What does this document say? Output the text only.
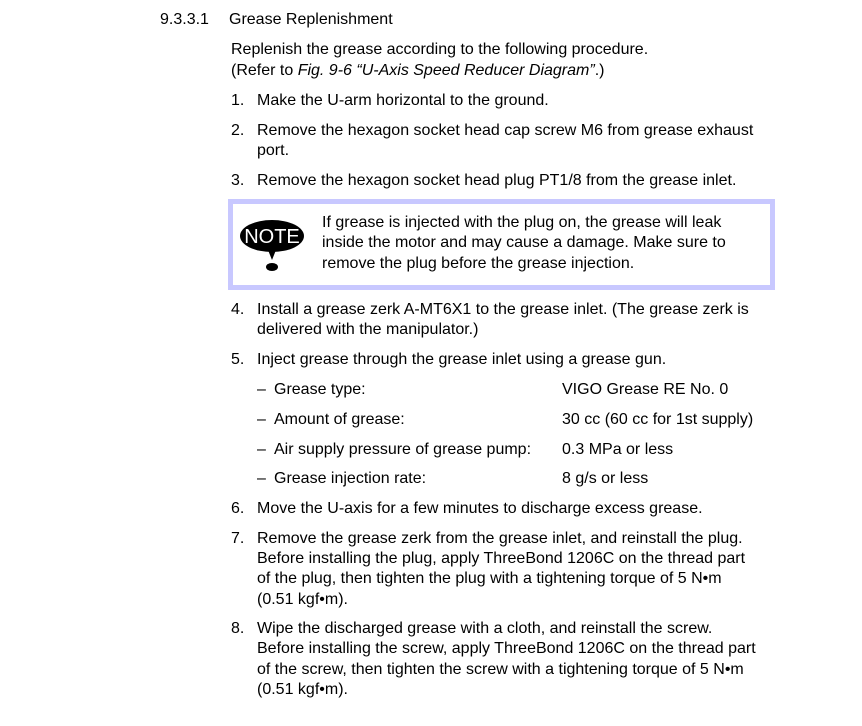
9.3.3.1 Grease Replenishment
Replenish the grease according to the following procedure.
(Refer to Fig. 9-6 “U-Axis Speed Reducer Diagram”.)
1. Make the U-arm horizontal to the ground.
2. Remove the hexagon socket head cap screw M6 from grease exhaust
port.
3. Remove the hexagon socket head plug PT1/8 from the grease inlet.
NOTE
If grease is injected with the plug on, the grease will leak
inside the motor and may cause a damage. Make sure to
remove the plug before the grease injection.
4. Install a grease zerk A-MT6X1 to the grease inlet. (The grease zerk is
delivered with the manipulator.)
5. Inject grease through the grease inlet using a grease gun.
– Grease type:	VIGO Grease RE No. 0
– Amount of grease:	30 cc (60 cc for 1st supply)
– Air supply pressure of grease pump: 0.3 MPa or less
– Grease injection rate:	8 g/s or less
6. Move the U-axis for a few minutes to discharge excess grease.
7. Remove the grease zerk from the grease inlet, and reinstall the plug.
Before installing the plug, apply ThreeBond 1206C on the thread part
of the plug, then tighten the plug with a tightening torque of 5 N•m
(0.51 kgf•m).
8. Wipe the discharged grease with a cloth, and reinstall the screw.
Before installing the screw, apply ThreeBond 1206C on the thread part
of the screw, then tighten the screw with a tightening torque of 5 N•m
(0.51 kgf•m).
